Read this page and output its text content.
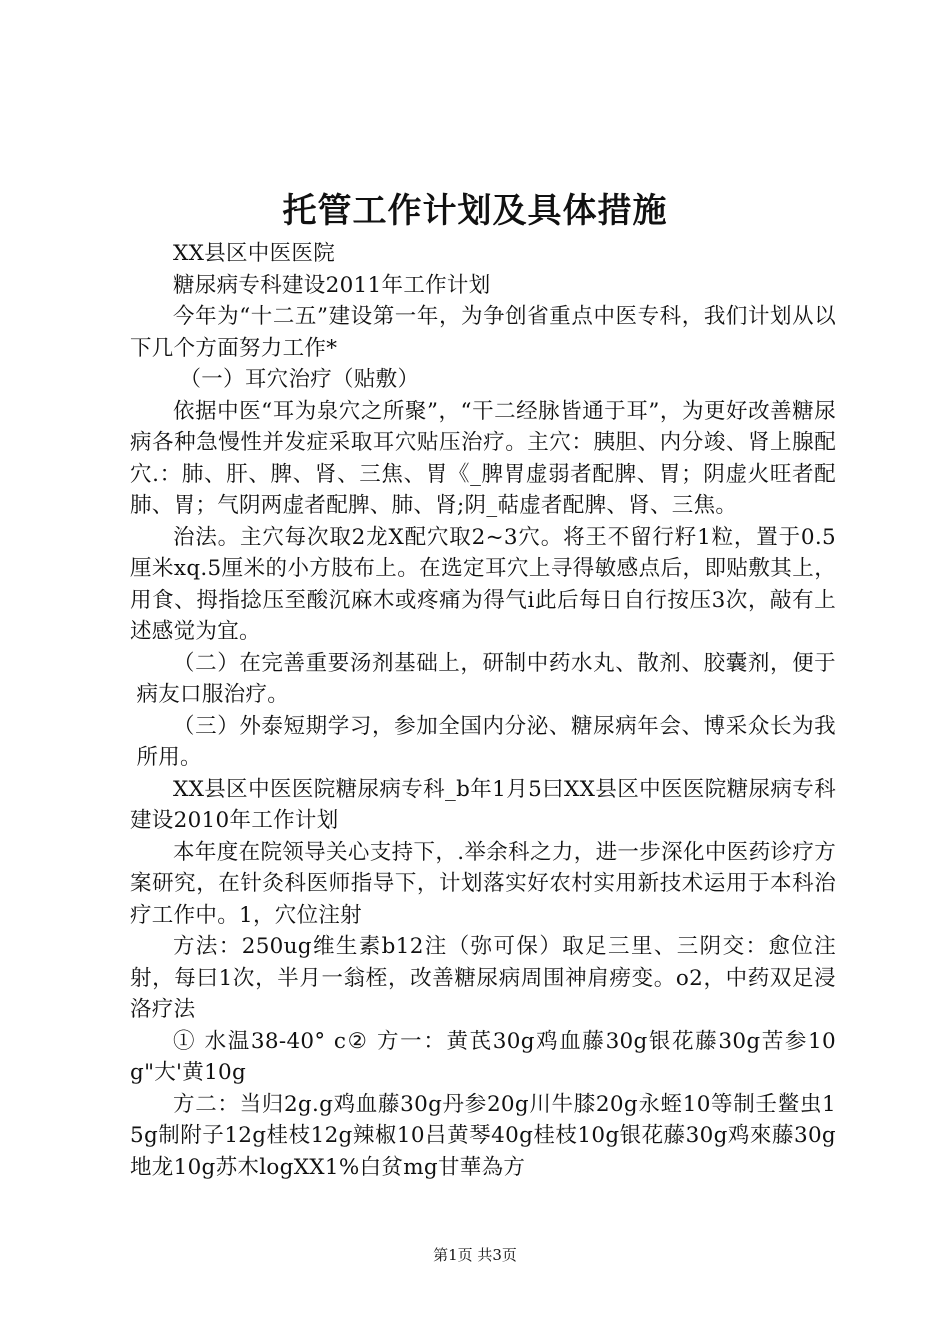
托管工作计划及具体措施

XX县区中医医院

糖尿病专科建设2011年工作计划

今年为“十二五”建设第一年，为争创省重点中医专科，我们计划从以下几个方面努力工作*

（一）耳穴治疗（贴敷）

依据中医“耳为泉穴之所聚”，“干二经脉皆通于耳”，为更好改善糖尿病各种急慢性并发症采取耳穴贴压治疗。主穴：胰胆、内分竣、肾上腺配穴.：肺、肝、脾、肾、三焦、胃《_脾胃虚弱者配脾、胃；阴虚火旺者配肺、胃；气阴两虚者配脾、肺、肾;阴_萜虚者配脾、肾、三焦。

治法。主穴每次取2龙X配穴取2~3穴。将王不留行籽1粒，置于0.5厘米xq.5厘米的小方肢布上。在选定耳穴上寻得敏感点后，即贴敷其上，用食、拇指捻压至酸沉麻木或疼痛为得气i此后每日自行按压3次，敲有上述感觉为宜。

（二）在完善重要汤剂基础上，研制中药水丸、散剂、胶囊剂，便于病友口服治疗。

（三）外泰短期学习，参加全国内分泌、糖尿病年会、博采众长为我所用。

XX县区中医医院糖尿病专科_b年1月5曰XX县区中医医院糖尿病专科建设2010年工作计划

本年度在院领导关心支持下，.举余科之力，进一步深化中医药诊疗方案研究，在针灸科医师指导下，计划落实好农村实用新技术运用于本科治疗工作中。1，穴位注射

方法：250ug维生素b12注（弥可保）取足三里、三阴交：愈位注射，每曰1次，半月一翁桎，改善糖尿病周围神肩痨变。o2，中药双足浸洛疗法

① 水温38-40° c② 方一：黄芪30g鸡血藤30g银花藤30g苦参10g"大'黄10g

方二：当归2g.g鸡血藤30g丹参20g川牛膝20g永蛭10等制壬鳖虫15g制附子12g桂枝12g辣椒10吕黄琴40g桂枝10g银花藤30g鸡來藤30g地龙10g苏木logXX1%白贫mg甘華為方

第1页 共3页
